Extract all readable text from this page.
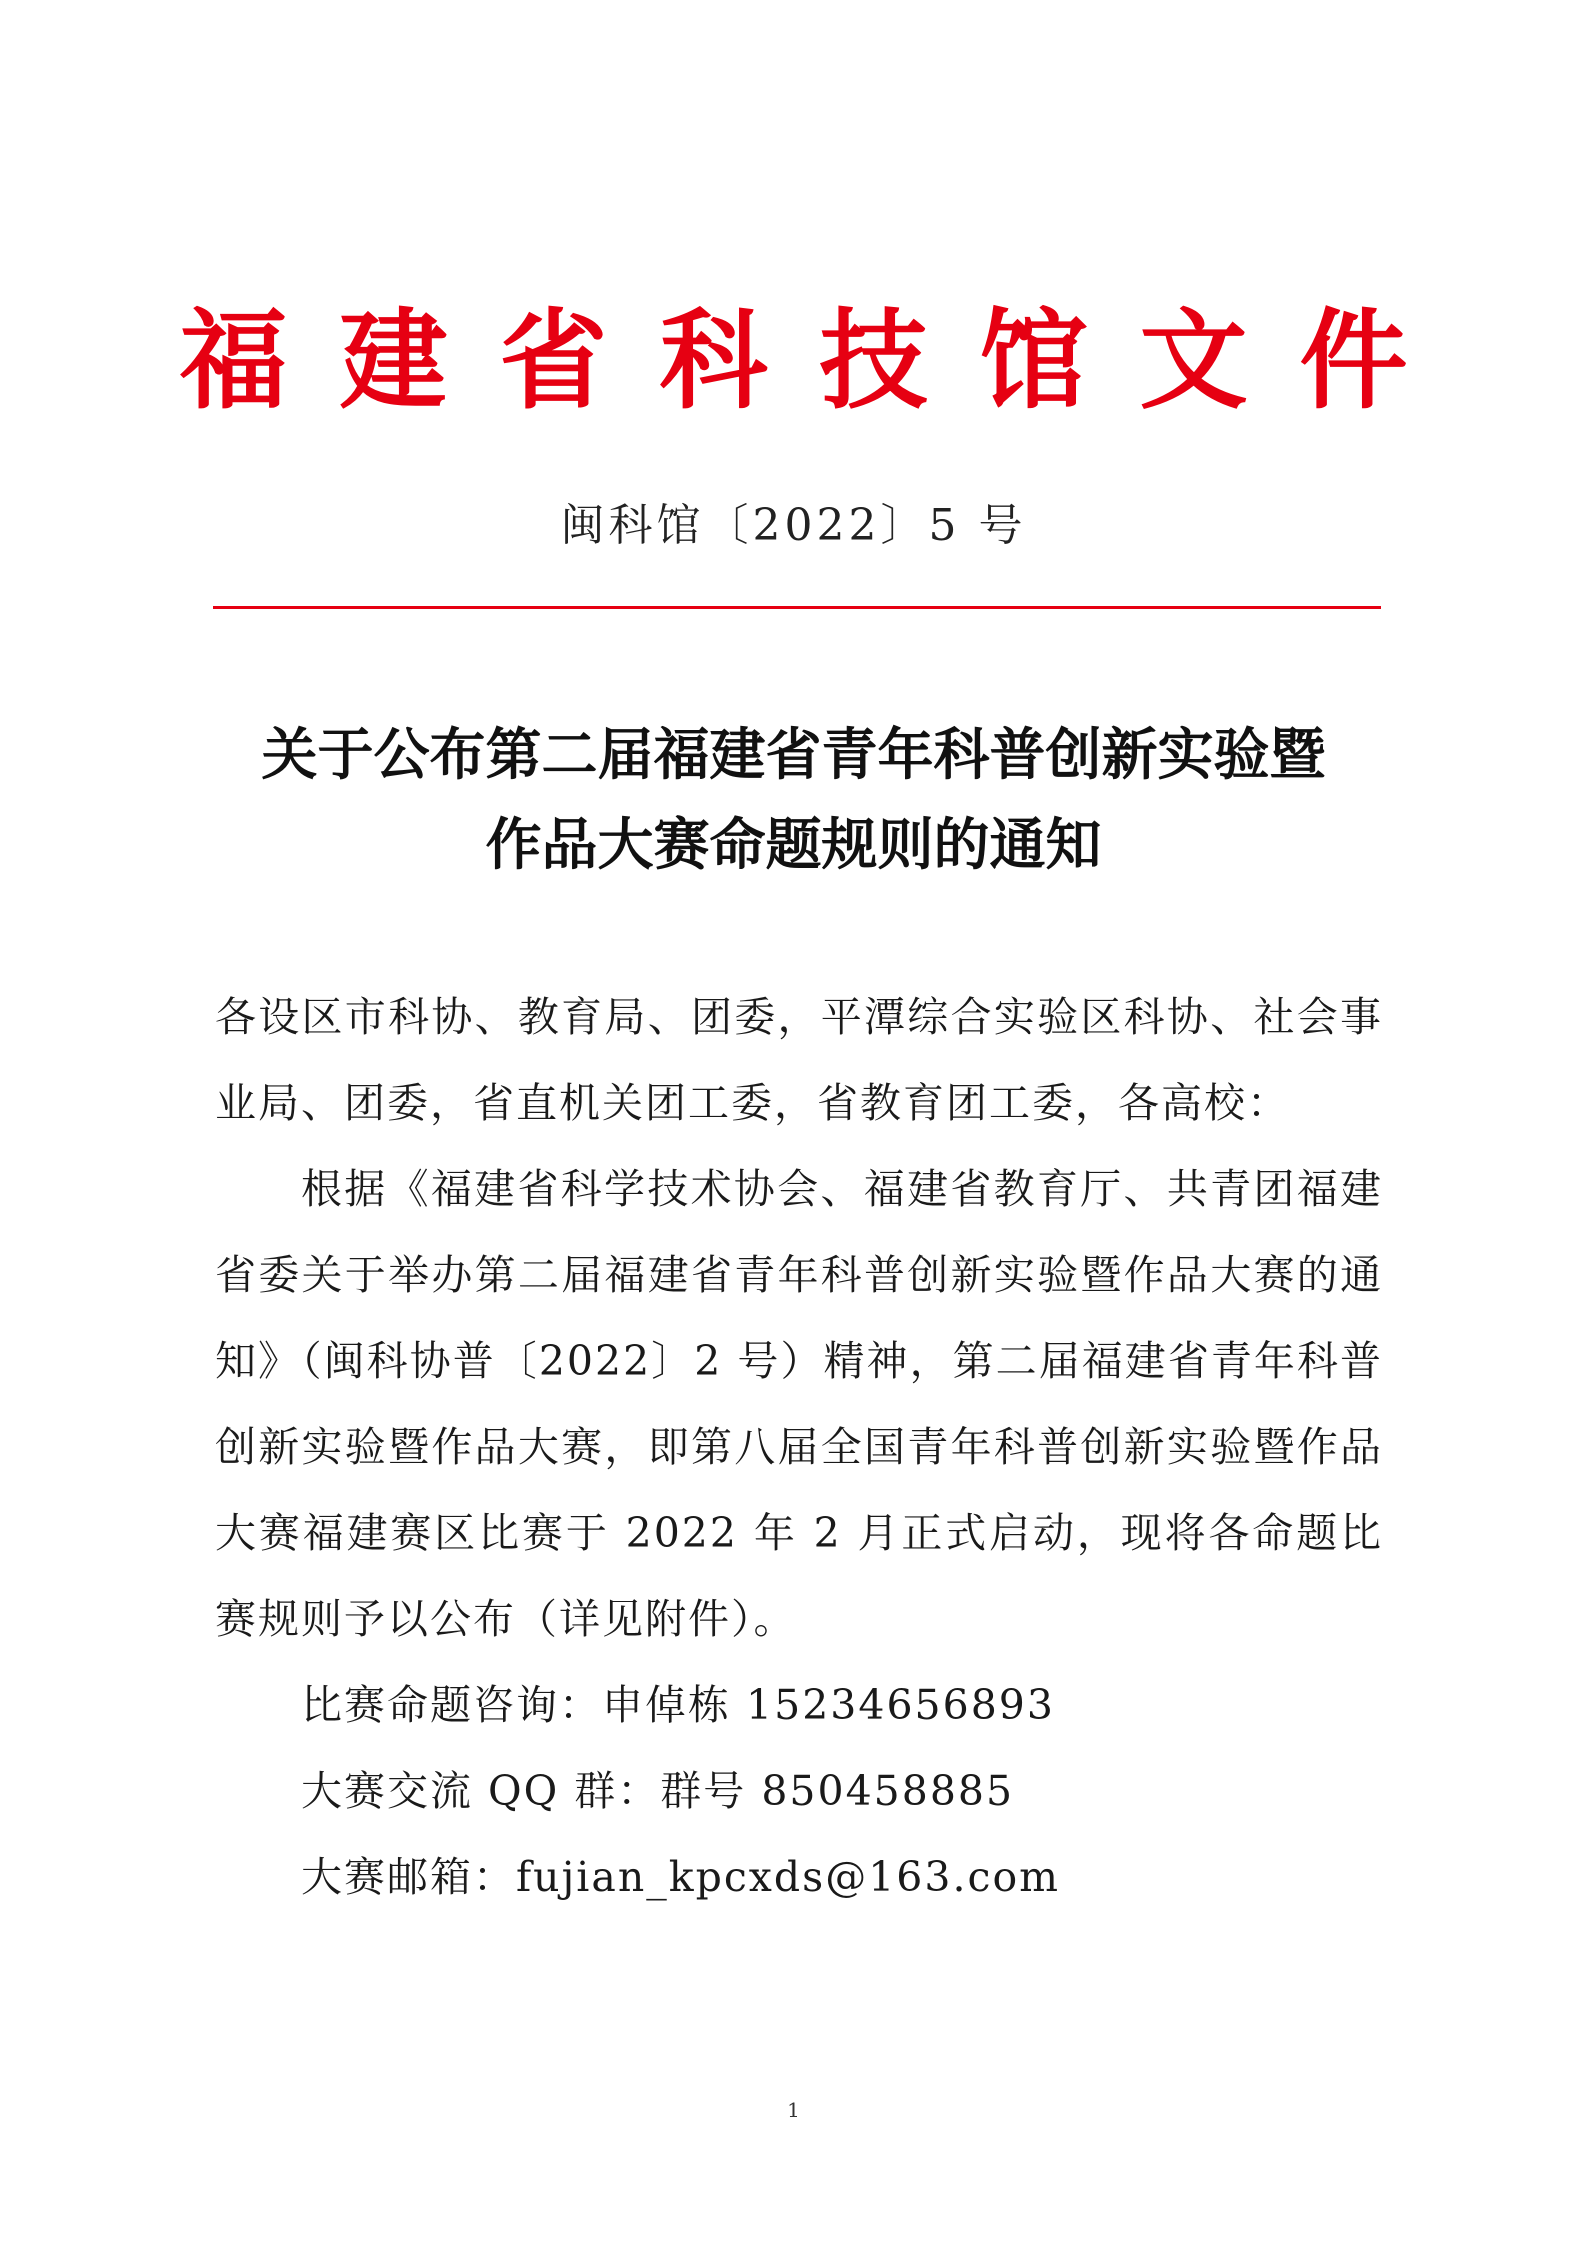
福建省科技馆文件
闽科馆〔2022〕5 号
关于公布第二届福建省青年科普创新实验暨
作品大赛命题规则的通知

各设区市科协、教育局、团委，平潭综合实验区科协、社会事业局、团委，省直机关团工委，省教育团工委，各高校：

根据《福建省科学技术协会、福建省教育厅、共青团福建省委关于举办第二届福建省青年科普创新实验暨作品大赛的通知》（闽科协普〔2022〕2 号）精神，第二届福建省青年科普创新实验暨作品大赛，即第八届全国青年科普创新实验暨作品大赛福建赛区比赛于 2022 年 2 月正式启动，现将各命题比赛规则予以公布（详见附件）。

比赛命题咨询：申倬栋 15234656893

大赛交流 QQ 群：群号 850458885

大赛邮箱：fujian_kpcxds@163.com

1
